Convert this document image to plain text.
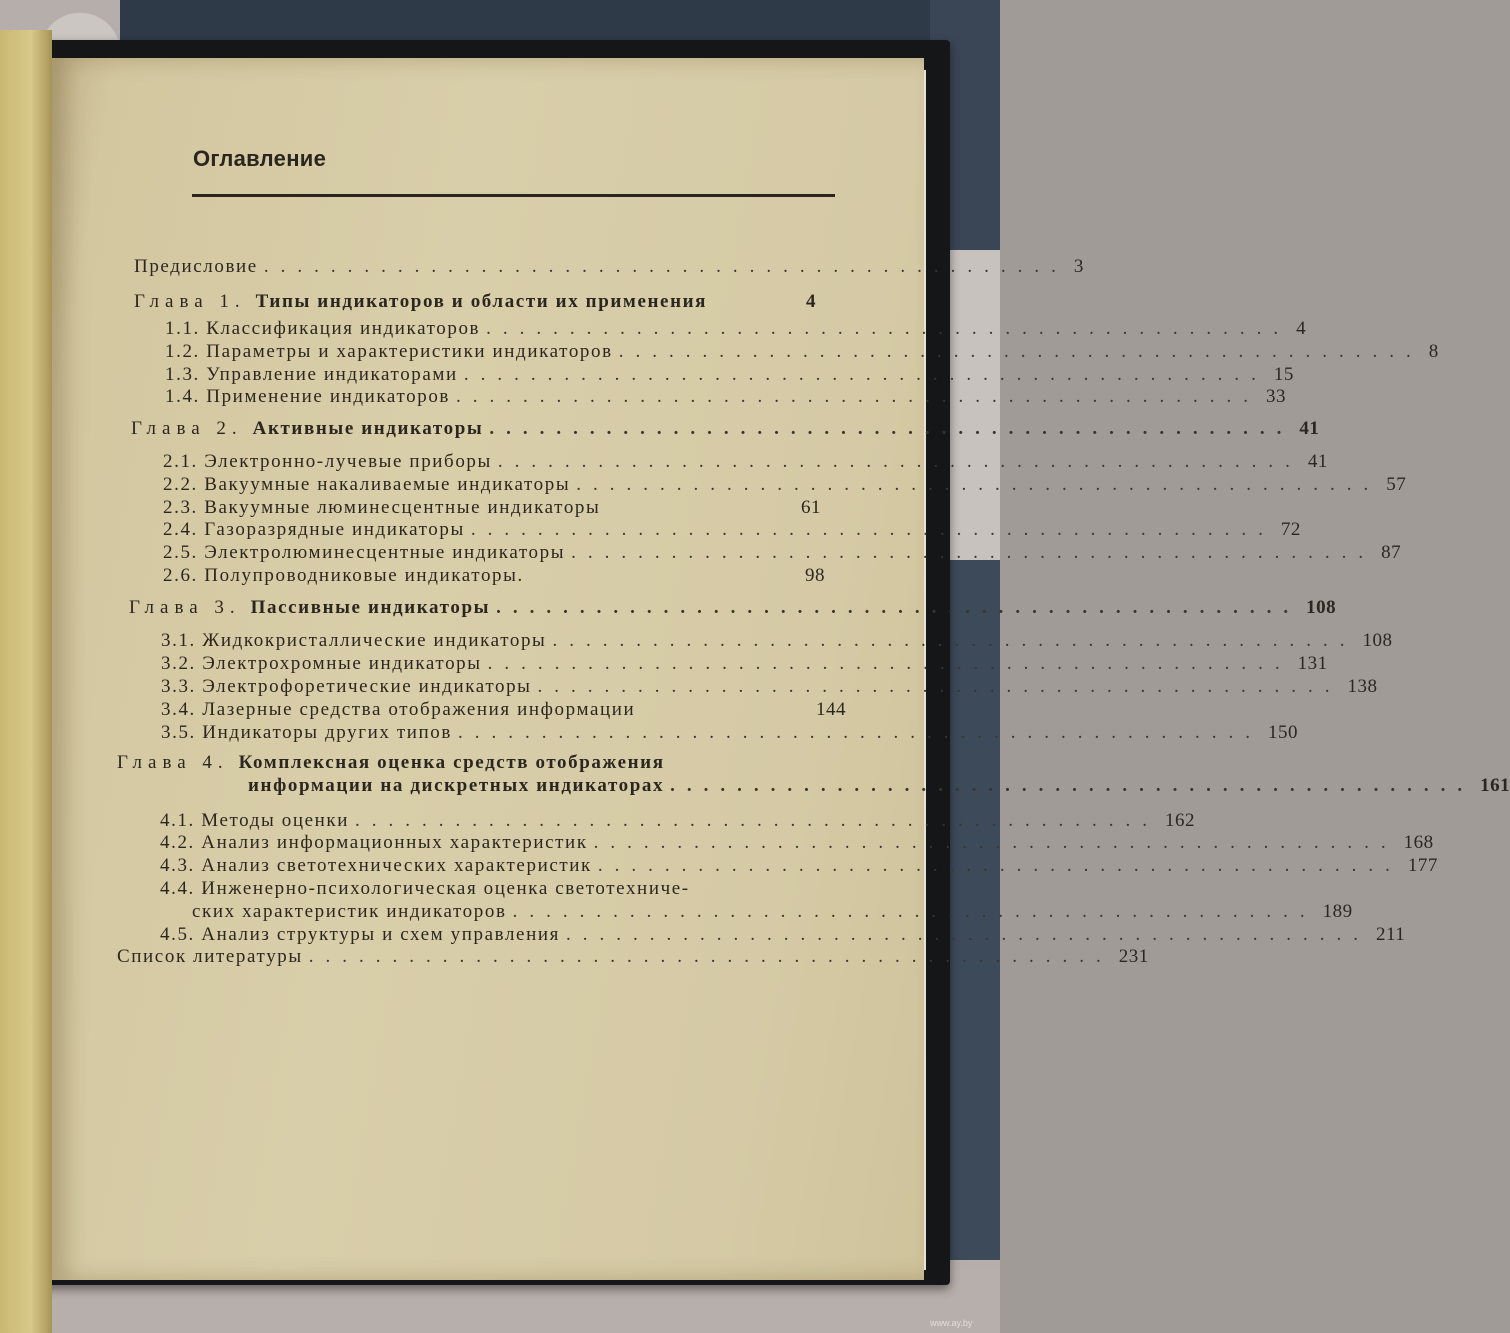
Оглавление
Предисловие ................................................ 3
Глава 1. Типы индикаторов и области их применения	4
1.1. Классификация индикаторов ................................................ 4
1.2. Параметры и характеристики индикаторов ................................................ 8
1.3. Управление индикаторами ................................................ 15
1.4. Применение индикаторов ................................................ 33
Глава 2. Активные индикаторы ................................................ 41
2.1. Электронно-лучевые приборы ................................................ 41
2.2. Вакуумные накаливаемые индикаторы ................................................ 57
2.3. Вакуумные люминесцентные индикаторы	61
2.4. Газоразрядные индикаторы ................................................ 72
2.5. Электролюминесцентные индикаторы ................................................ 87
2.6. Полупроводниковые индикаторы.	98
Глава 3. Пассивные индикаторы ................................................ 108
3.1. Жидкокристаллические индикаторы ................................................ 108
3.2. Электрохромные индикаторы ................................................ 131
3.3. Электрофоретические индикаторы ................................................ 138
3.4. Лазерные средства отображения информации	144
3.5. Индикаторы других типов ................................................ 150
Глава 4. Комплексная оценка средств отображения
информации на дискретных индикаторах ................................................ 161
4.1. Методы оценки ................................................ 162
4.2. Анализ информационных характеристик ................................................ 168
4.3. Анализ светотехнических характеристик ................................................ 177
4.4. Инженерно-психологическая оценка светотехниче-
ских характеристик индикаторов ................................................ 189
4.5. Анализ структуры и схем управления ................................................ 211
Список литературы ................................................ 231
www.ay.by
